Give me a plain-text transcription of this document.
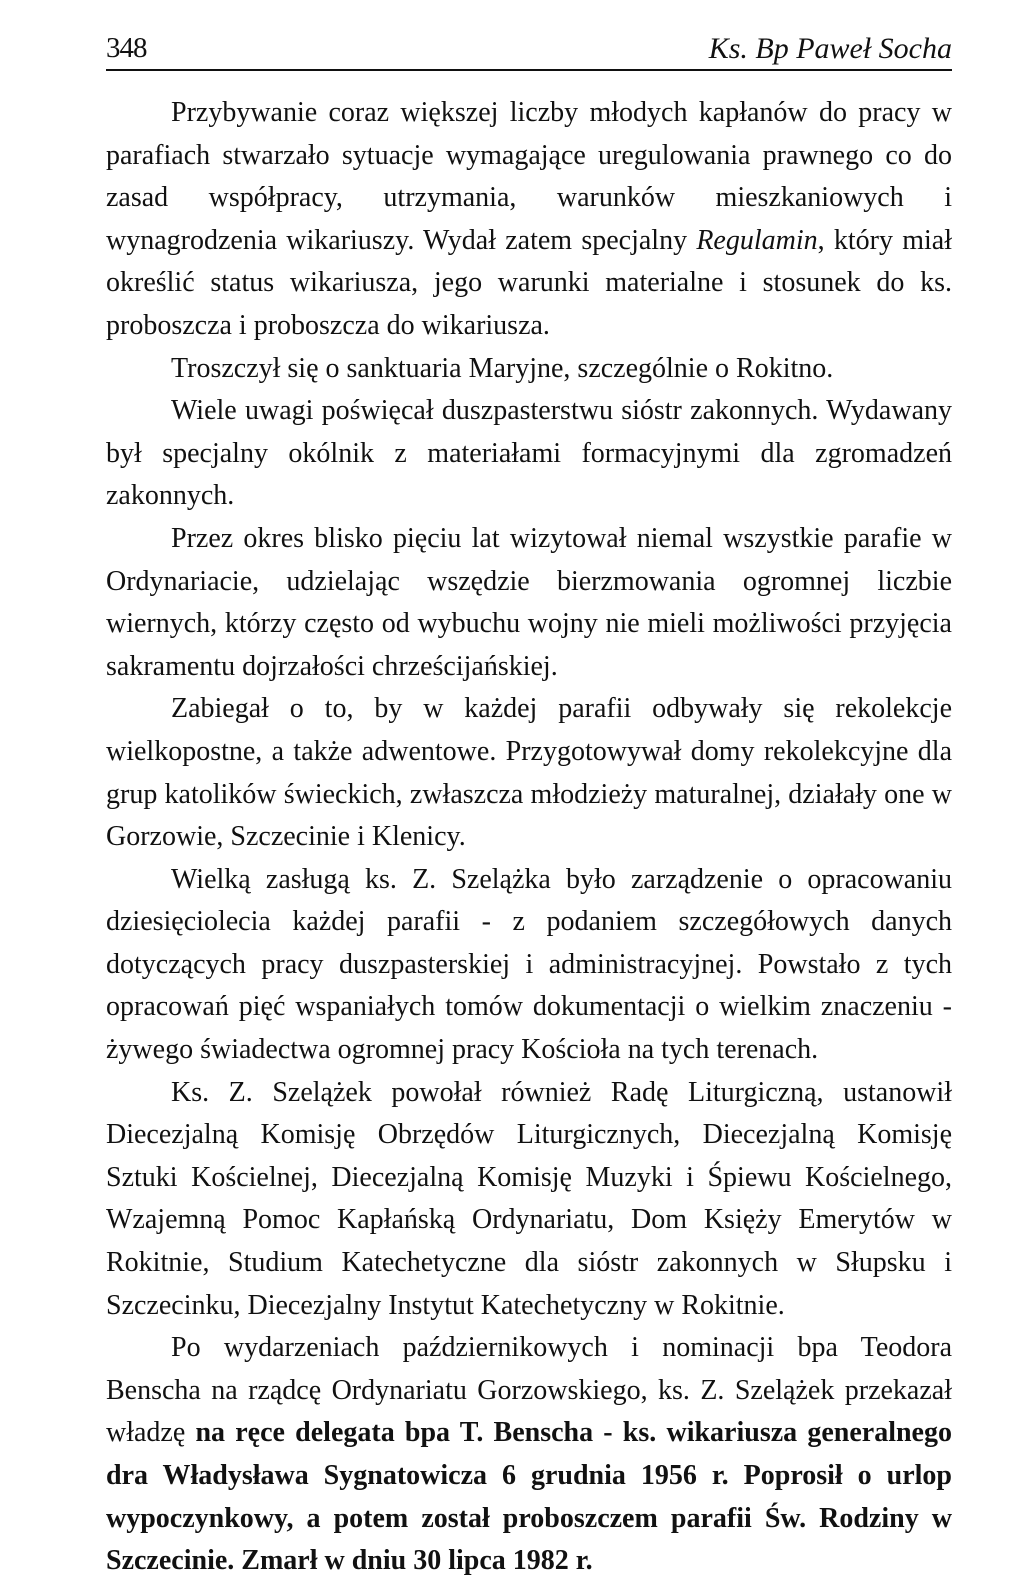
348	Ks. Bp Paweł Socha

Przybywanie coraz większej liczby młodych kapłanów do pracy w parafiach stwarzało sytuacje wymagające uregulowania prawnego co do zasad współpracy, utrzymania, warunków mieszkaniowych i wynagrodzenia wikariuszy. Wydał zatem specjalny Regulamin, który miał określić status wikariusza, jego warunki materialne i stosunek do ks. proboszcza i proboszcza do wikariusza.

Troszczył się o sanktuaria Maryjne, szczególnie o Rokitno.

Wiele uwagi poświęcał duszpasterstwu sióstr zakonnych. Wydawany był specjalny okólnik z materiałami formacyjnymi dla zgromadzeń zakonnych.

Przez okres blisko pięciu lat wizytował niemal wszystkie parafie w Ordynariacie, udzielając wszędzie bierzmowania ogromnej liczbie wiernych, którzy często od wybuchu wojny nie mieli możliwości przyjęcia sakramentu dojrzałości chrześcijańskiej.

Zabiegał o to, by w każdej parafii odbywały się rekolekcje wielkopostne, a także adwentowe. Przygotowywał domy rekolekcyjne dla grup katolików świeckich, zwłaszcza młodzieży maturalnej, działały one w Gorzowie, Szczecinie i Klenicy.

Wielką zasługą ks. Z. Szelążka było zarządzenie o opracowaniu dziesięciolecia każdej parafii - z podaniem szczegółowych danych dotyczących pracy duszpasterskiej i administracyjnej. Powstało z tych opracowań pięć wspaniałych tomów dokumentacji o wielkim znaczeniu - żywego świadectwa ogromnej pracy Kościoła na tych terenach.

Ks. Z. Szelążek powołał również Radę Liturgiczną, ustanowił Diecezjalną Komisję Obrzędów Liturgicznych, Diecezjalną Komisję Sztuki Kościelnej, Diecezjalną Komisję Muzyki i Śpiewu Kościelnego, Wzajemną Pomoc Kapłańską Ordynariatu, Dom Księży Emerytów w Rokitnie, Studium Katechetyczne dla sióstr zakonnych w Słupsku i Szczecinku, Diecezjalny Instytut Katechetyczny w Rokitnie.

Po wydarzeniach październikowych i nominacji bpa Teodora Benscha na rządcę Ordynariatu Gorzowskiego, ks. Z. Szelążek przekazał władzę na ręce delegata bpa T. Benscha - ks. wikariusza generalnego dra Władysława Sygnatowicza 6 grudnia 1956 r. Poprosił o urlop wypoczynkowy, a potem został proboszczem parafii Św. Rodziny w Szczecinie. Zmarł w dniu 30 lipca 1982 r.
